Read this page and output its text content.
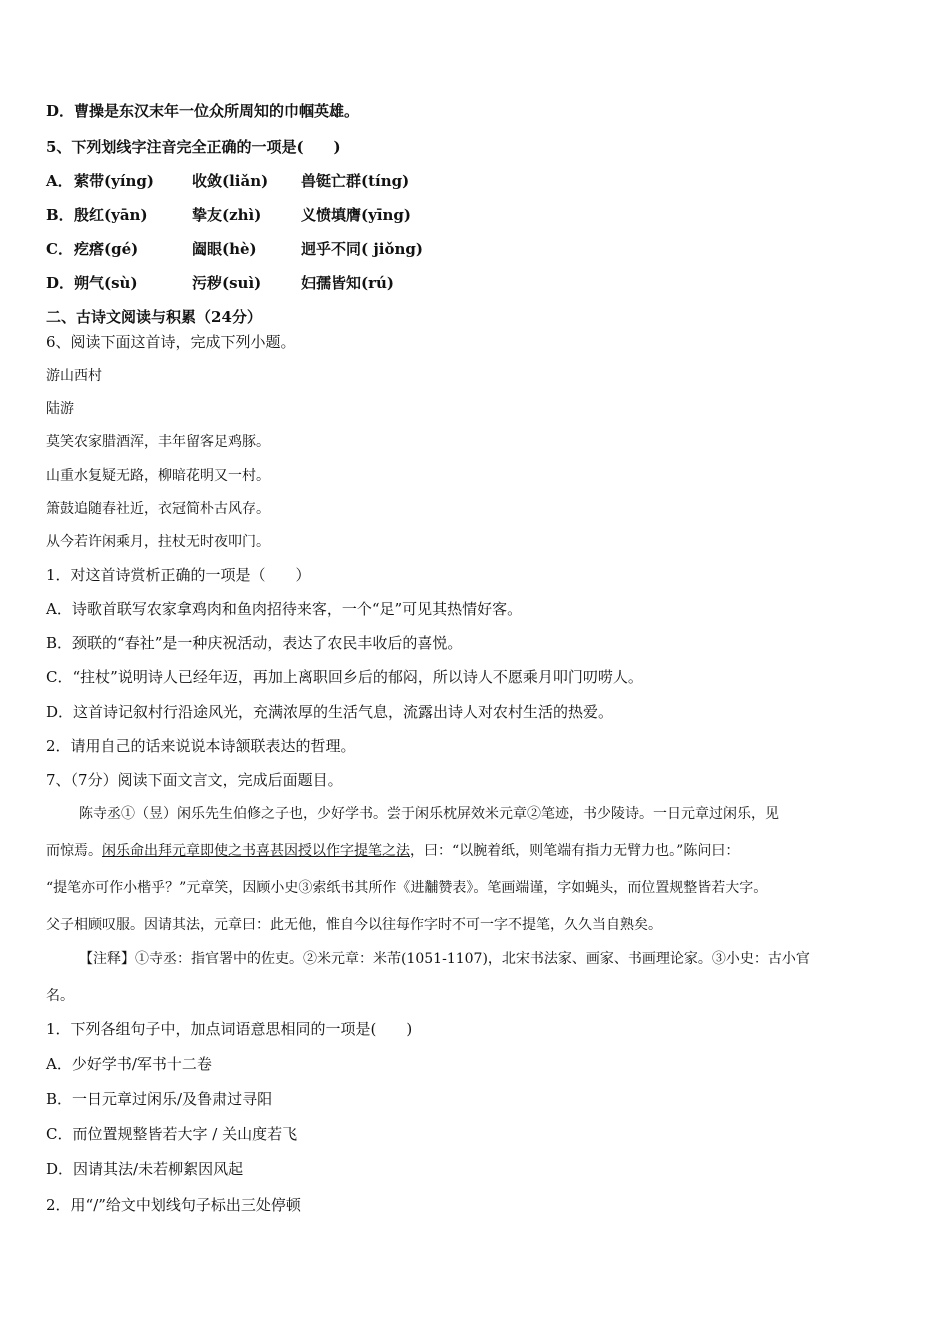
D．曹操是东汉末年一位众所周知的巾帼英雄。
5、下列划线字注音完全正确的一项是(　　)
A． 萦带(yíng)	收敛(liǎn) 兽铤亡群(tíng)
B． 殷红(yān)	挚友(zhì)	义愤填膺(yīng)
C． 疙瘩(gé)	阖眼(hè)	迥乎不同( jiǒng)
D． 朔气(sù)	污秽(suì)	妇孺皆知(rú)
二、古诗文阅读与积累（24分）
6、阅读下面这首诗，完成下列小题。
游山西村
陆游
莫笑农家腊酒浑，丰年留客足鸡豚。
山重水复疑无路，柳暗花明又一村。
箫鼓追随春社近，衣冠简朴古风存。
从今若许闲乘月，拄杖无时夜叩门。
1．对这首诗赏析正确的一项是（　　）
A．诗歌首联写农家拿鸡肉和鱼肉招待来客，一个“足”可见其热情好客。
B．颈联的“春社”是一种庆祝活动，表达了农民丰收后的喜悦。
C．“拄杖”说明诗人已经年迈，再加上离职回乡后的郁闷，所以诗人不愿乘月叩门叨唠人。
D．这首诗记叙村行沿途风光，充满浓厚的生活气息，流露出诗人对农村生活的热爱。
2．请用自己的话来说说本诗颔联表达的哲理。
7、（7分）阅读下面文言文，完成后面题目。
陈寺丞①（昱）闲乐先生伯修之子也，少好学书。尝于闲乐枕屏效米元章②笔迹，书少陵诗。一日元章过闲乐，见
而惊焉。闲乐命出拜元章即使之书喜甚因授以作字提笔之法，曰：“以腕着纸，则笔端有指力无臂力也。”陈问曰：
“提笔亦可作小楷乎？”元章笑，因顾小史③索纸书其所作《进黼赞表》。笔画端谨，字如蝇头，而位置规整皆若大字。
父子相顾叹服。因请其法，元章曰：此无他，惟自今以往每作字时不可一字不提笔，久久当自熟矣。
【注释】①寺丞：指官署中的佐吏。②米元章：米芾(1051-1107)，北宋书法家、画家、书画理论家。③小史：古小官
名。
1．下列各组句子中，加点词语意思相同的一项是(　　)
A．少好学书/军书十二卷
B．一日元章过闲乐/及鲁肃过寻阳
C．而位置规整皆若大字 / 关山度若飞
D．因请其法/未若柳絮因风起
2．用“/”给文中划线句子标出三处停顿
